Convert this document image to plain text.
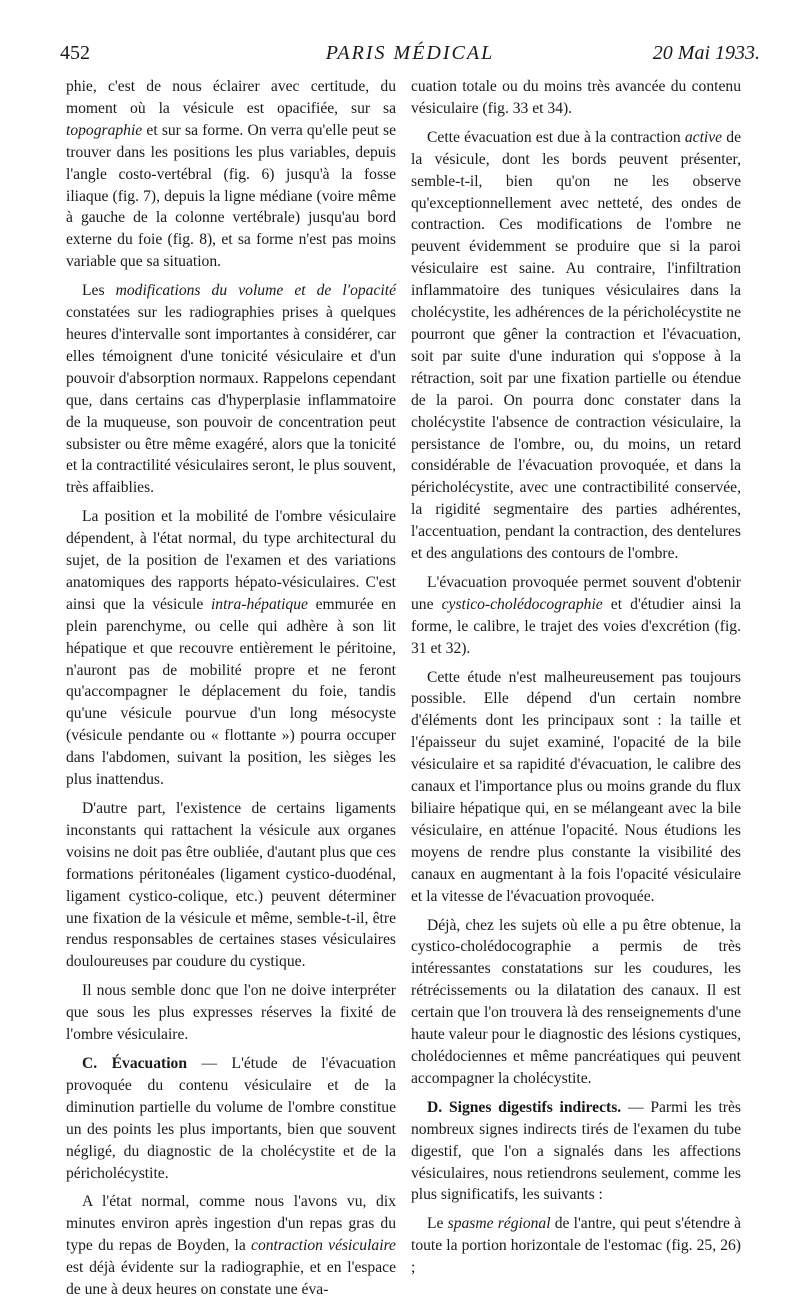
452	PARIS MÉDICAL	20 Mai 1933.

phie, c'est de nous éclairer avec certitude, du moment où la vésicule est opacifiée, sur sa topographie et sur sa forme. On verra qu'elle peut se trouver dans les positions les plus variables, depuis l'angle costo-vertébral (fig. 6) jusqu'à la fosse iliaque (fig. 7), depuis la ligne médiane (voire même à gauche de la colonne vertébrale) jusqu'au bord externe du foie (fig. 8), et sa forme n'est pas moins variable que sa situation.

Les modifications du volume et de l'opacité constatées sur les radiographies prises à quelques heures d'intervalle sont importantes à considérer, car elles témoignent d'une tonicité vésiculaire et d'un pouvoir d'absorption normaux. Rappelons cependant que, dans certains cas d'hyperplasie inflammatoire de la muqueuse, son pouvoir de concentration peut subsister ou être même exagéré, alors que la tonicité et la contractilité vésiculaires seront, le plus souvent, très affaiblies.

La position et la mobilité de l'ombre vésiculaire dépendent, à l'état normal, du type architectural du sujet, de la position de l'examen et des variations anatomiques des rapports hépato-vésiculaires. C'est ainsi que la vésicule intra-hépatique emmurée en plein parenchyme, ou celle qui adhère à son lit hépatique et que recouvre entièrement le péritoine, n'auront pas de mobilité propre et ne feront qu'accompagner le déplacement du foie, tandis qu'une vésicule pourvue d'un long mésocyste (vésicule pendante ou « flottante ») pourra occuper dans l'abdomen, suivant la position, les sièges les plus inattendus.

D'autre part, l'existence de certains ligaments inconstants qui rattachent la vésicule aux organes voisins ne doit pas être oubliée, d'autant plus que ces formations péritonéales (ligament cystico-duodénal, ligament cystico-colique, etc.) peuvent déterminer une fixation de la vésicule et même, semble-t-il, être rendus responsables de certaines stases vésiculaires douloureuses par coudure du cystique.

Il nous semble donc que l'on ne doive interpréter que sous les plus expresses réserves la fixité de l'ombre vésiculaire.

C. Évacuation — L'étude de l'évacuation provoquée du contenu vésiculaire et de la diminution partielle du volume de l'ombre constitue un des points les plus importants, bien que souvent négligé, du diagnostic de la cholécystite et de la péricholécystite.

A l'état normal, comme nous l'avons vu, dix minutes environ après ingestion d'un repas gras du type du repas de Boyden, la contraction vésiculaire est déjà évidente sur la radiographie, et en l'espace de une à deux heures on constate une éva-

cuation totale ou du moins très avancée du contenu vésiculaire (fig. 33 et 34).

Cette évacuation est due à la contraction active de la vésicule, dont les bords peuvent présenter, semble-t-il, bien qu'on ne les observe qu'exceptionnellement avec netteté, des ondes de contraction. Ces modifications de l'ombre ne peuvent évidemment se produire que si la paroi vésiculaire est saine. Au contraire, l'infiltration inflammatoire des tuniques vésiculaires dans la cholécystite, les adhérences de la péricholécystite ne pourront que gêner la contraction et l'évacuation, soit par suite d'une induration qui s'oppose à la rétraction, soit par une fixation partielle ou étendue de la paroi. On pourra donc constater dans la cholécystite l'absence de contraction vésiculaire, la persistance de l'ombre, ou, du moins, un retard considérable de l'évacuation provoquée, et dans la péricholécystite, avec une contractibilité conservée, la rigidité segmentaire des parties adhérentes, l'accentuation, pendant la contraction, des dentelures et des angulations des contours de l'ombre.

L'évacuation provoquée permet souvent d'obtenir une cystico-cholédocographie et d'étudier ainsi la forme, le calibre, le trajet des voies d'excrétion (fig. 31 et 32).

Cette étude n'est malheureusement pas toujours possible. Elle dépend d'un certain nombre d'éléments dont les principaux sont : la taille et l'épaisseur du sujet examiné, l'opacité de la bile vésiculaire et sa rapidité d'évacuation, le calibre des canaux et l'importance plus ou moins grande du flux biliaire hépatique qui, en se mélangeant avec la bile vésiculaire, en atténue l'opacité. Nous étudions les moyens de rendre plus constante la visibilité des canaux en augmentant à la fois l'opacité vésiculaire et la vitesse de l'évacuation provoquée.

Déjà, chez les sujets où elle a pu être obtenue, la cystico-cholédocographie a permis de très intéressantes constatations sur les coudures, les rétrécissements ou la dilatation des canaux. Il est certain que l'on trouvera là des renseignements d'une haute valeur pour le diagnostic des lésions cystiques, cholédociennes et même pancréatiques qui peuvent accompagner la cholécystite.

D. Signes digestifs indirects. — Parmi les très nombreux signes indirects tirés de l'examen du tube digestif, que l'on a signalés dans les affections vésiculaires, nous retiendrons seulement, comme les plus significatifs, les suivants :

Le spasme régional de l'antre, qui peut s'étendre à toute la portion horizontale de l'estomac (fig. 25, 26) ;
